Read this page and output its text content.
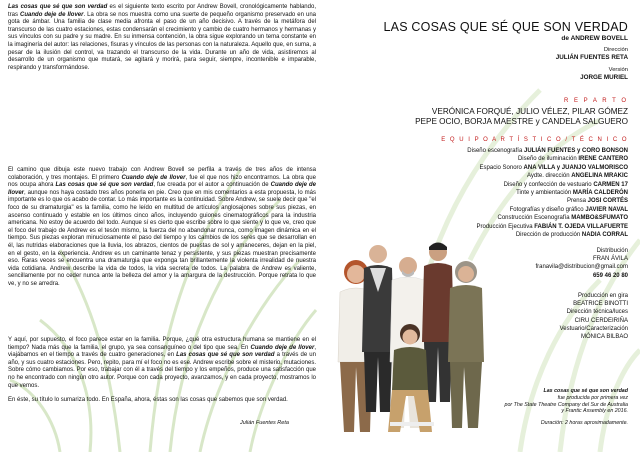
Las cosas que sé que son verdad es el siguiente texto escrito por Andrew Bovell, cronológicamente hablando, tras Cuando deje de llover. La obra se nos muestra como una suerte de pequeño organismo preservado en una gota de ámbar. Una familia de clase media afronta el paso de un año decisivo. A través de la metáfora del transcurso de las cuatro estaciones, estas condensarán el crecimiento y cambio de cuatro hermanos y hermanas y sus vínculos con su padre y su madre. En su inmensa contención, la obra sigue explorando un tema constante en la imaginería del autor: las relaciones, fisuras y vínculos de las personas con la naturaleza. Aquello que, en suma, a pesar de la ilusión del control, va trazando el transcurso de la vida. Durante un año de vida, asistiremos al desarrollo de un organismo que mutará, se agitará y morirá, para seguir, siempre, incontenible e imparable, respirando y transformándose.

El camino que dibuja este nuevo trabajo con Andrew Bovell se perfila a través de tres años de intensa colaboración, y tres montajes. El primero Cuando deje de llover, fue el que nos hizo encontrarnos. La obra que nos ocupa ahora Las cosas que sé que son verdad, fue creada por el autor a continuación de Cuando deje de llover, aunque nos haya costado tres años ponerla en pie. Creo que en mis comentarios a esta propuesta, lo más importante es lo que os acabo de contar. Lo más importante es la continuidad. Sobre Andrew, se suele decir que "el foco de su dramaturgia" es la familia, como he leído en multitud de artículos anglosajones sobre sus piezas, en ascenso continuado y estable en los últimos cinco años, incluyendo guiones cinematográficos para la industria americana. No estoy de acuerdo del todo. Aunque sí es cierto que escribe sobre lo que siente y lo que ve, creo que el foco del trabajo de Andrew es el tesón mismo, la fuerza del no abandonar nunca, como imagen dinámica en el tiempo. Sus piezas exploran minuciosamente el paso del tiempo y los cambios de los seres que se desarrollan en él, las nutridas elaboraciones que la lluvia, los abrazos, cientos de puestas de sol y amaneceres, dejan en la piel, en el gesto, en la experiencia. Andrew es un caminante tenaz y persistente, y sus piezas muestran precisamente eso. Raras veces se encuentra una dramaturgia que exponga tan brillantemente la violenta irrealidad de nuestra vida cotidiana. Andrew describe la vida de todos, la vida secreta de todos. La palabra de Andrew es valiente, sencillamente por no ceder nunca ante la belleza del amor y la amargura de la destrucción. Porque retrata lo que ve, y no se arredra.
Y aquí, por supuesto, el foco parece estar en la familia. Porque, ¿qué otra estructura humana se mantiene en el tiempo? Nada más que la familia, el grupo, ya sea consanguíneo o del tipo que sea. En Cuando deje de llover, viajábamos en el tiempo a través de cuatro generaciones, en Las cosas que sé que son verdad a través de un año, y sus cuatro estaciones. Pero, repito, para mí el foco no es ese. Andrew escribe sobre el misterio, mutaciones. Sobre cómo cambiamos. Por eso, trabajar con él a través del tiempo y los empeños, produce una satisfacción que no he encontrado con ningún otro autor. Porque con cada proyecto, avanzamos, y en cada proyecto, mostramos lo que vemos.
En éste, su título lo sumariza todo. En España, ahora, éstas son las cosas que sabemos que son verdad.
Julián Fuentes Reta
LAS COSAS QUE SÉ QUE SON VERDAD
de ANDREW BOVELL
Dirección
JULIÁN FUENTES RETA
Versión
JORGE MURIEL
R E P A R T O
VERÓNICA FORQUÉ, JULIO VÉLEZ, PILAR GÓMEZ
PEPE OCIO, BORJA MAESTRE y CANDELA SALGUERO
E Q U I P O A R T Í S T I C O / T É C N I C O
Diseño escenografía JULIÁN FUENTES y CORO BONSON
Diseño de iluminación IRENE CANTERO
Espacio Sonoro ANA VILLA y JUANJO VALMORISCO
Aydte. dirección ANGELINA MRAKIC
Diseño y confección de vestuario CARMEN 17
Tinte y ambientación MARÍA CALDERÓN
Prensa JOSI CORTÉS
Fotografías y diseño gráfico JAVIER NAVAL
Construcción Escenografía MAMBO&SFUMATO
Producción Ejecutiva FABIÁN T. OJEDA VILLAFUERTE
Dirección de producción NADIA CORRAL
Distribución
FRAN ÁVILA
franavila@distribucion@gmail.com
659 46 20 80
Producción en gira
BEATRICE BINOTTI
Dirección técnica/luces
CIRU CERDEIRIÑA
Vestuario/Caracterización
MÓNICA BILBAO
Las cosas que sé que son verdad
fue producida por primera vez
por The State Theatre Company del Sur de Australia
y Frantic Assembly en 2016.
Duración: 2 horas aproximadamente.
